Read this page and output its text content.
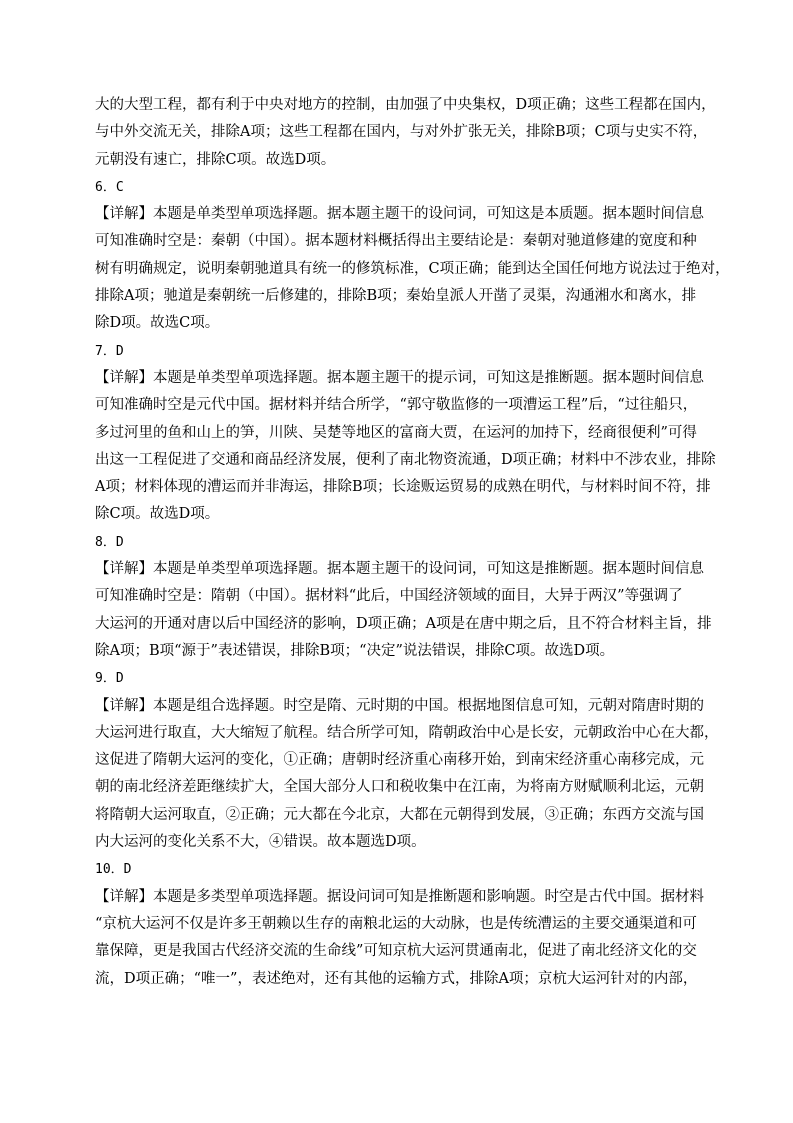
大的大型工程，都有利于中央对地方的控制，由加强了中央集权，D项正确；这些工程都在国内，
与中外交流无关，排除A项；这些工程都在国内，与对外扩张无关，排除B项；C项与史实不符，
元朝没有速亡，排除C项。故选D项。
6．C
【详解】本题是单类型单项选择题。据本题主题干的设问词，可知这是本质题。据本题时间信息
可知准确时空是：秦朝（中国）。据本题材料概括得出主要结论是：秦朝对驰道修建的宽度和种
树有明确规定，说明秦朝驰道具有统一的修筑标准，C项正确；能到达全国任何地方说法过于绝对，
排除A项；驰道是秦朝统一后修建的，排除B项；秦始皇派人开凿了灵渠，沟通湘水和离水，排
除D项。故选C项。
7．D
【详解】本题是单类型单项选择题。据本题主题干的提示词，可知这是推断题。据本题时间信息
可知准确时空是元代中国。据材料并结合所学，“郭守敬监修的一项漕运工程”后，“过往船只，
多过河里的鱼和山上的笋，川陕、吴楚等地区的富商大贾，在运河的加持下，经商很便利”可得
出这一工程促进了交通和商品经济发展，便利了南北物资流通，D项正确；材料中不涉农业，排除
A项；材料体现的漕运而并非海运，排除B项；长途贩运贸易的成熟在明代，与材料时间不符，排
除C项。故选D项。
8．D
【详解】本题是单类型单项选择题。据本题主题干的设问词，可知这是推断题。据本题时间信息
可知准确时空是：隋朝（中国）。据材料“此后，中国经济领域的面目，大异于两汉”等强调了
大运河的开通对唐以后中国经济的影响，D项正确；A项是在唐中期之后，且不符合材料主旨，排
除A项；B项“源于”表述错误，排除B项；“决定”说法错误，排除C项。故选D项。
9．D
【详解】本题是组合选择题。时空是隋、元时期的中国。根据地图信息可知，元朝对隋唐时期的
大运河进行取直，大大缩短了航程。结合所学可知，隋朝政治中心是长安，元朝政治中心在大都，
这促进了隋朝大运河的变化，①正确；唐朝时经济重心南移开始，到南宋经济重心南移完成，元
朝的南北经济差距继续扩大，全国大部分人口和税收集中在江南，为将南方财赋顺利北运，元朝
将隋朝大运河取直，②正确；元大都在今北京，大都在元朝得到发展，③正确；东西方交流与国
内大运河的变化关系不大，④错误。故本题选D项。
10．D
【详解】本题是多类型单项选择题。据设问词可知是推断题和影响题。时空是古代中国。据材料
“京杭大运河不仅是许多王朝赖以生存的南粮北运的大动脉，也是传统漕运的主要交通渠道和可
靠保障，更是我国古代经济交流的生命线”可知京杭大运河贯通南北，促进了南北经济文化的交
流，D项正确；“唯一”，表述绝对，还有其他的运输方式，排除A项；京杭大运河针对的内部，
